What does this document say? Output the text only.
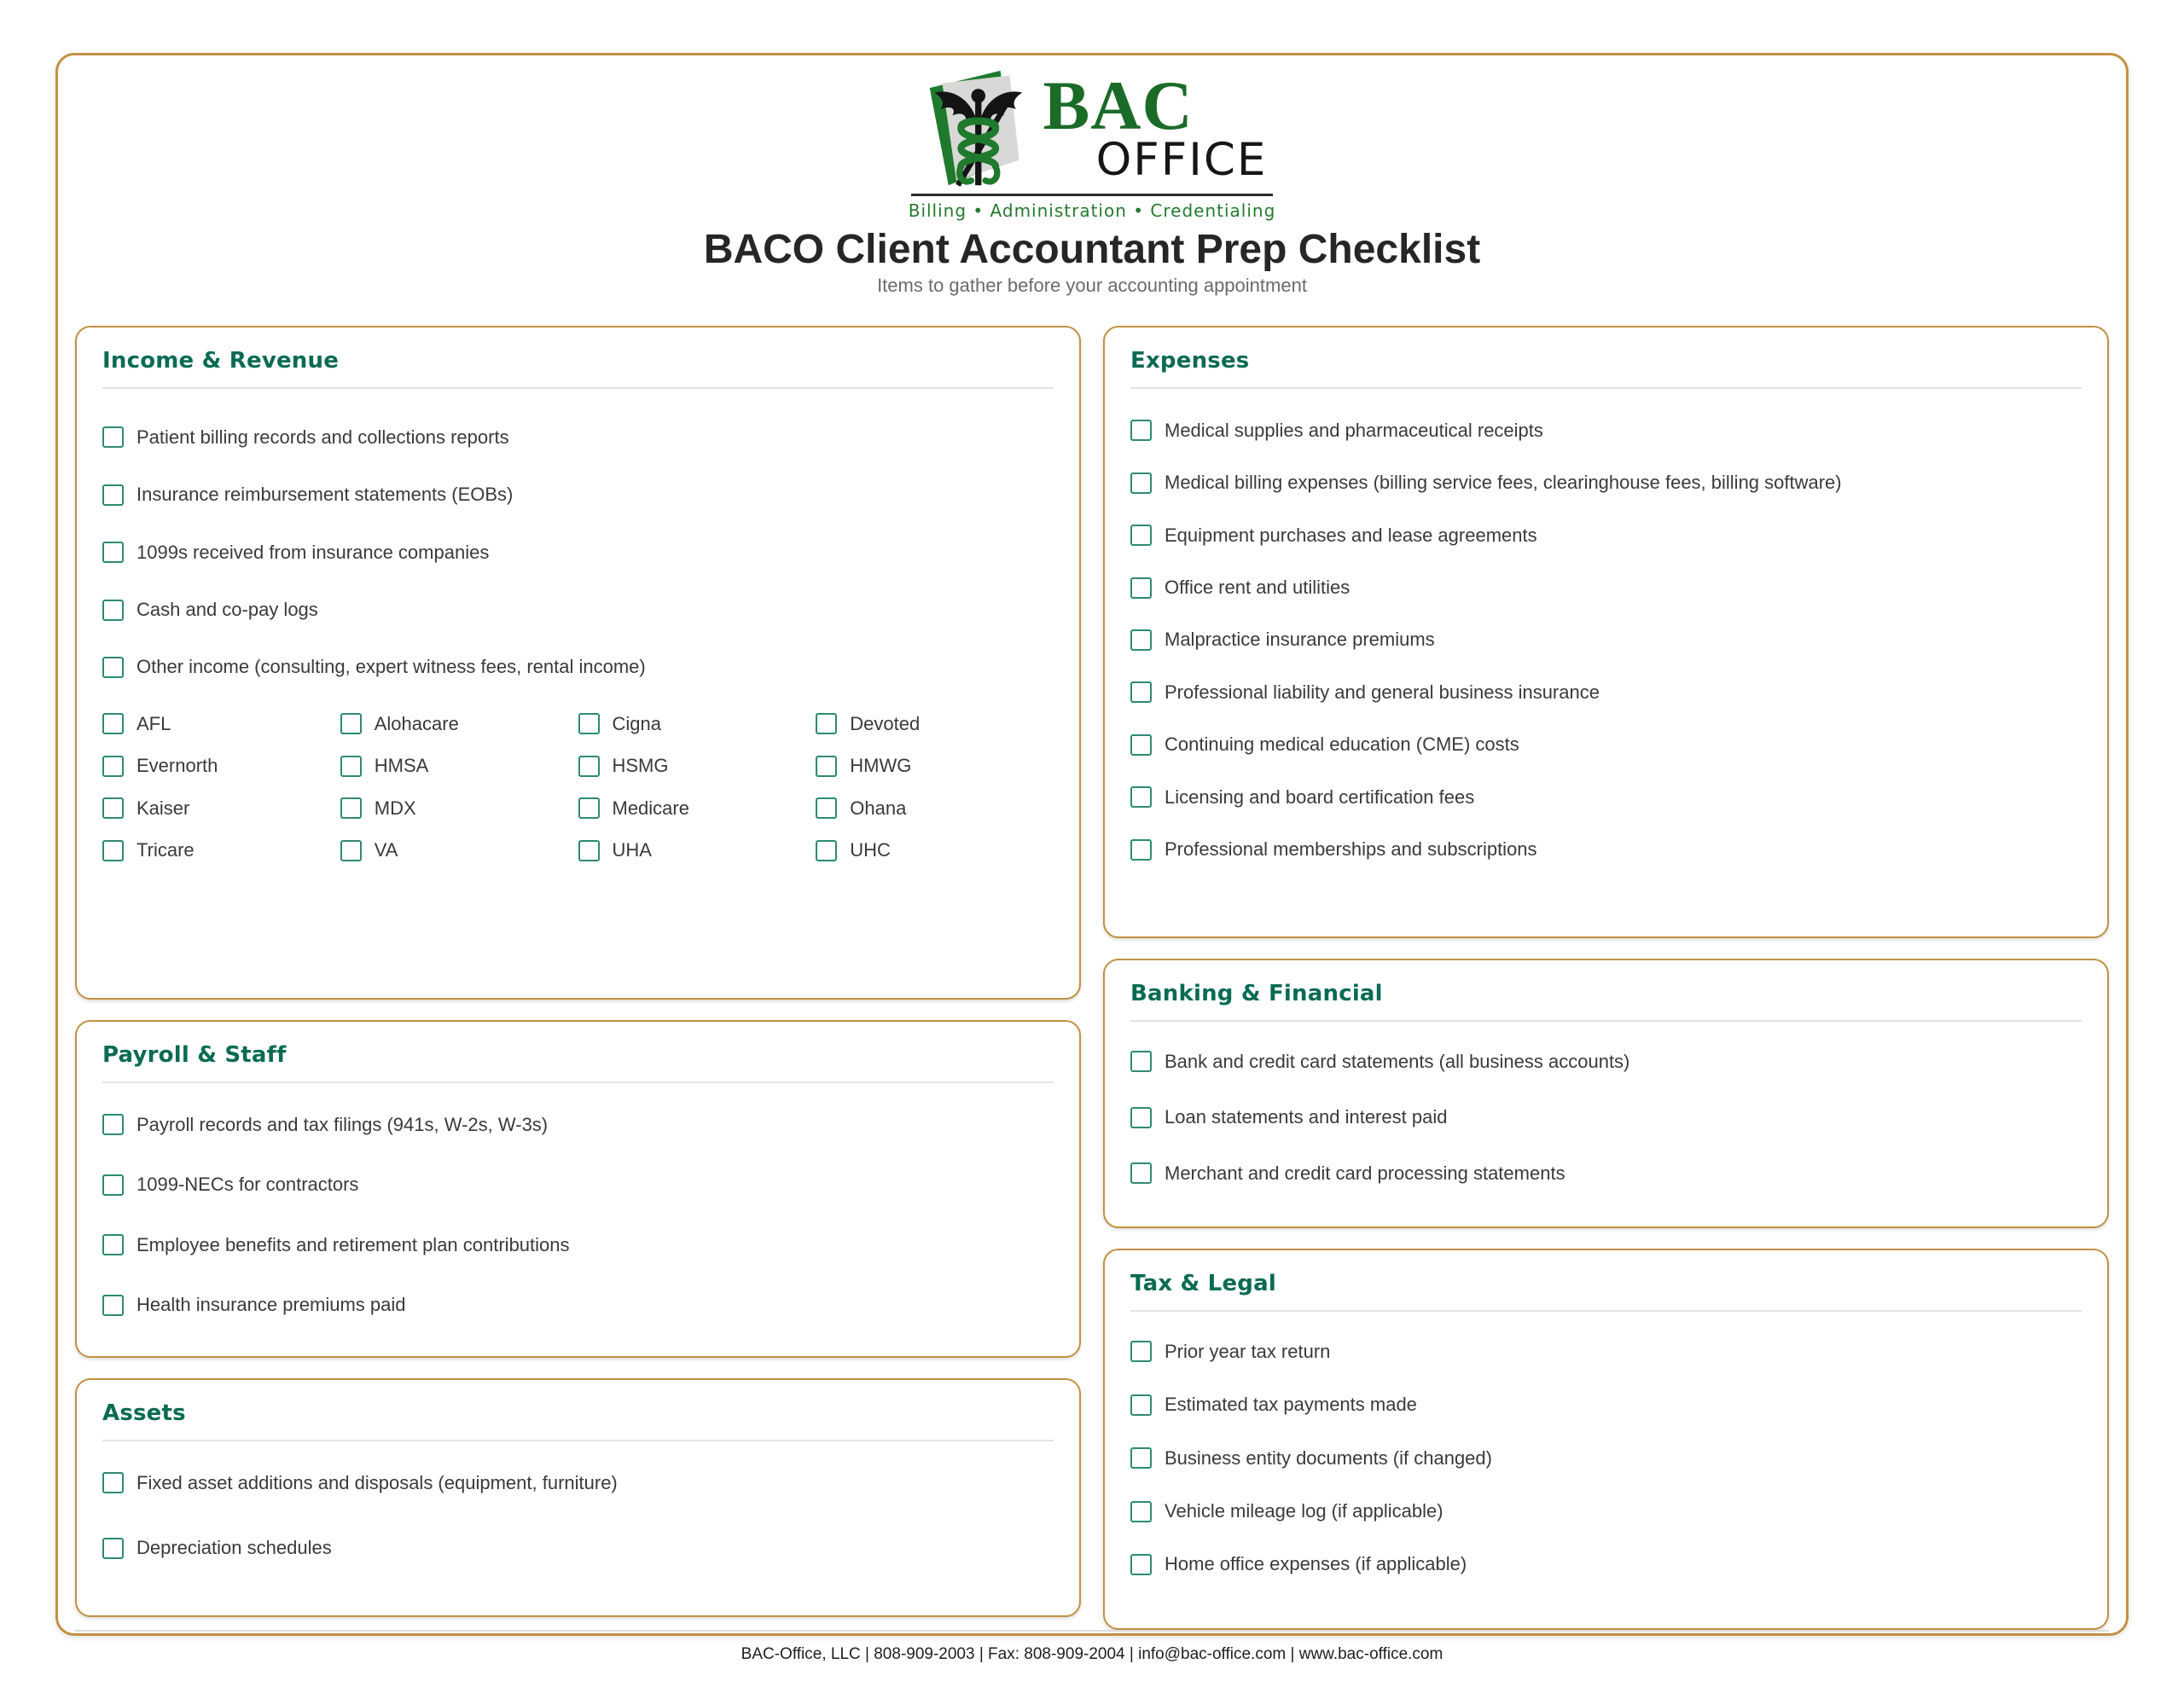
BAC
OFFICE
Billing • Administration • Credentialing
BACO Client Accountant Prep Checklist
Items to gather before your accounting appointment
Income & Revenue
Patient billing records and collections reports
Insurance reimbursement statements (EOBs)
1099s received from insurance companies
Cash and co-pay logs
Other income (consulting, expert witness fees, rental income)
AFL	Alohacare	Cigna	Devoted
Evernorth	HMSA	HSMG	HMWG
Kaiser	MDX	Medicare	Ohana
Tricare	VA	UHA	UHC
Payroll & Staff
Payroll records and tax filings (941s, W-2s, W-3s)
1099-NECs for contractors
Employee benefits and retirement plan contributions
Health insurance premiums paid
Assets
Fixed asset additions and disposals (equipment, furniture)
Depreciation schedules
Expenses
Medical supplies and pharmaceutical receipts
Medical billing expenses (billing service fees, clearinghouse fees, billing software)
Equipment purchases and lease agreements
Office rent and utilities
Malpractice insurance premiums
Professional liability and general business insurance
Continuing medical education (CME) costs
Licensing and board certification fees
Professional memberships and subscriptions
Banking & Financial
Bank and credit card statements (all business accounts)
Loan statements and interest paid
Merchant and credit card processing statements
Tax & Legal
Prior year tax return
Estimated tax payments made
Business entity documents (if changed)
Vehicle mileage log (if applicable)
Home office expenses (if applicable)
BAC-Office, LLC | 808-909-2003 | Fax: 808-909-2004 | info@bac-office.com | www.bac-office.com
